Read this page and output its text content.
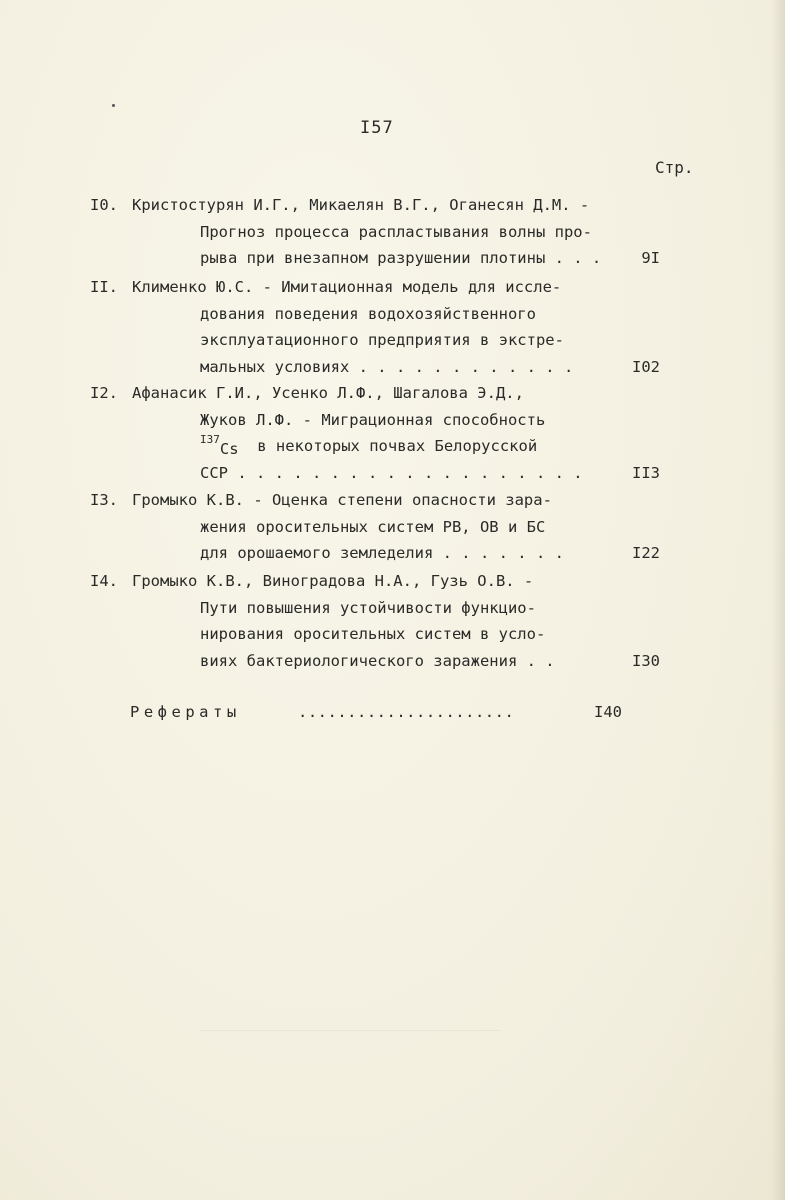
I57
Стр.
I0. Кристостурян И.Г., Микаелян В.Г., Оганесян Д.М. -
Прогноз процесса распластывания волны про-
рыва при внезапном разрушении плотины . . .	9I
II. Клименко Ю.С. - Имитационная модель для иссле-
дования поведения водохозяйственного
эксплуатационного предприятия в экстре-
мальных условиях . . . . . . . . . . . .	I02
I2. Афанасик Г.И., Усенко Л.Ф., Шагалова Э.Д.,
Жуков Л.Ф. - Миграционная способность
$^{I37}$Cs в некоторых почвах Белорусской
ССР . . . . . . . . . . . . . . . . . . .	II3
I3. Громыко К.В. - Оценка степени опасности зара-
жения оросительных систем РВ, ОВ и БС
для орошаемого земледелия . . . . . . .	I22
I4. Громыко К.В., Виноградова Н.А., Гузь О.В. -
Пути повышения устойчивости функцио-
нирования оросительных систем в усло-
виях бактериологического заражения . .	I30
Рефераты	......................	I40
